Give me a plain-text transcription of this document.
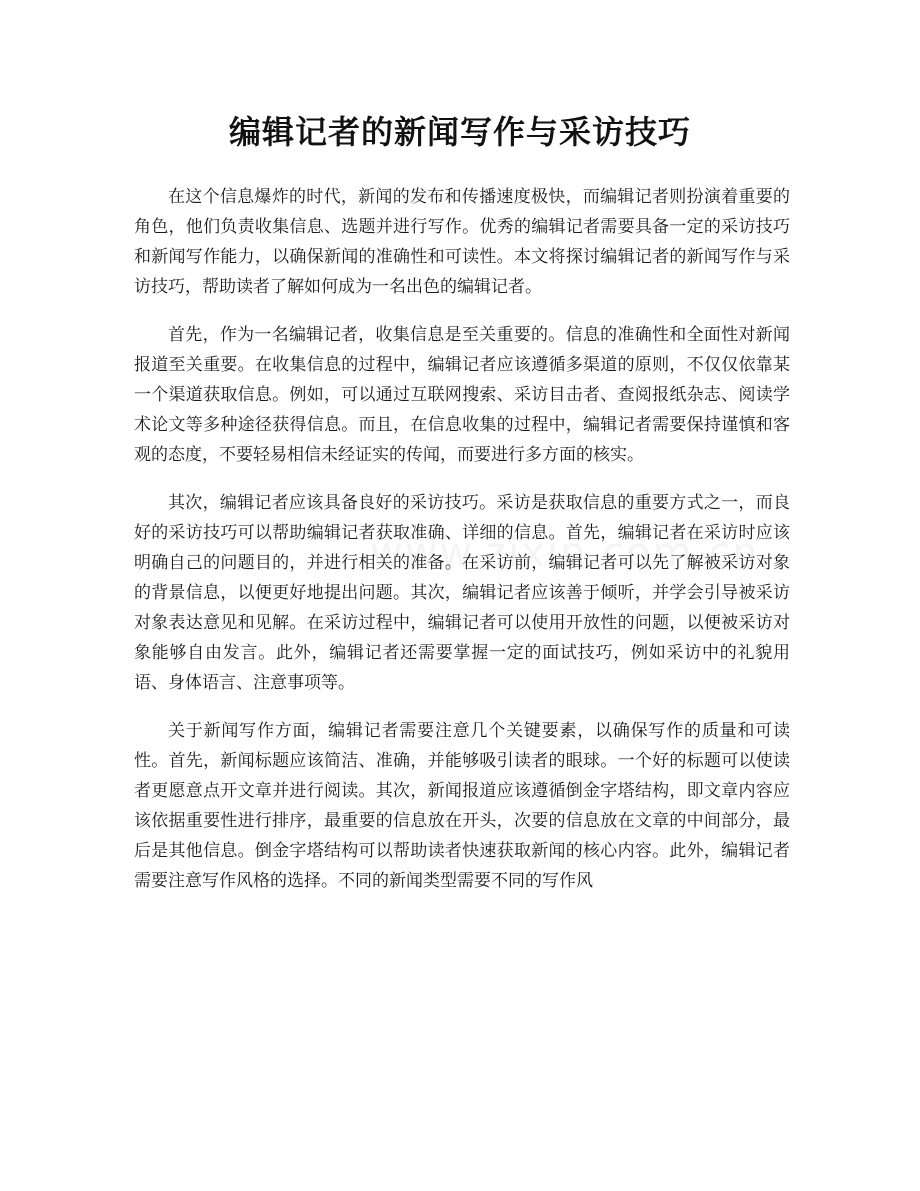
编辑记者的新闻写作与采访技巧

在这个信息爆炸的时代，新闻的发布和传播速度极快，而编辑记者则扮演着重要的角色，他们负责收集信息、选题并进行写作。优秀的编辑记者需要具备一定的采访技巧和新闻写作能力，以确保新闻的准确性和可读性。本文将探讨编辑记者的新闻写作与采访技巧，帮助读者了解如何成为一名出色的编辑记者。

首先，作为一名编辑记者，收集信息是至关重要的。信息的准确性和全面性对新闻报道至关重要。在收集信息的过程中，编辑记者应该遵循多渠道的原则，不仅仅依靠某一个渠道获取信息。例如，可以通过互联网搜索、采访目击者、查阅报纸杂志、阅读学术论文等多种途径获得信息。而且，在信息收集的过程中，编辑记者需要保持谨慎和客观的态度，不要轻易相信未经证实的传闻，而要进行多方面的核实。

其次，编辑记者应该具备良好的采访技巧。采访是获取信息的重要方式之一，而良好的采访技巧可以帮助编辑记者获取准确、详细的信息。首先，编辑记者在采访时应该明确自己的问题目的，并进行相关的准备。在采访前，编辑记者可以先了解被采访对象的背景信息，以便更好地提出问题。其次，编辑记者应该善于倾听，并学会引导被采访对象表达意见和见解。在采访过程中，编辑记者可以使用开放性的问题，以便被采访对象能够自由发言。此外，编辑记者还需要掌握一定的面试技巧，例如采访中的礼貌用语、身体语言、注意事项等。

关于新闻写作方面，编辑记者需要注意几个关键要素，以确保写作的质量和可读性。首先，新闻标题应该简洁、准确，并能够吸引读者的眼球。一个好的标题可以使读者更愿意点开文章并进行阅读。其次，新闻报道应该遵循倒金字塔结构，即文章内容应该依据重要性进行排序，最重要的信息放在开头，次要的信息放在文章的中间部分，最后是其他信息。倒金字塔结构可以帮助读者快速获取新闻的核心内容。此外，编辑记者需要注意写作风格的选择。不同的新闻类型需要不同的写作风
